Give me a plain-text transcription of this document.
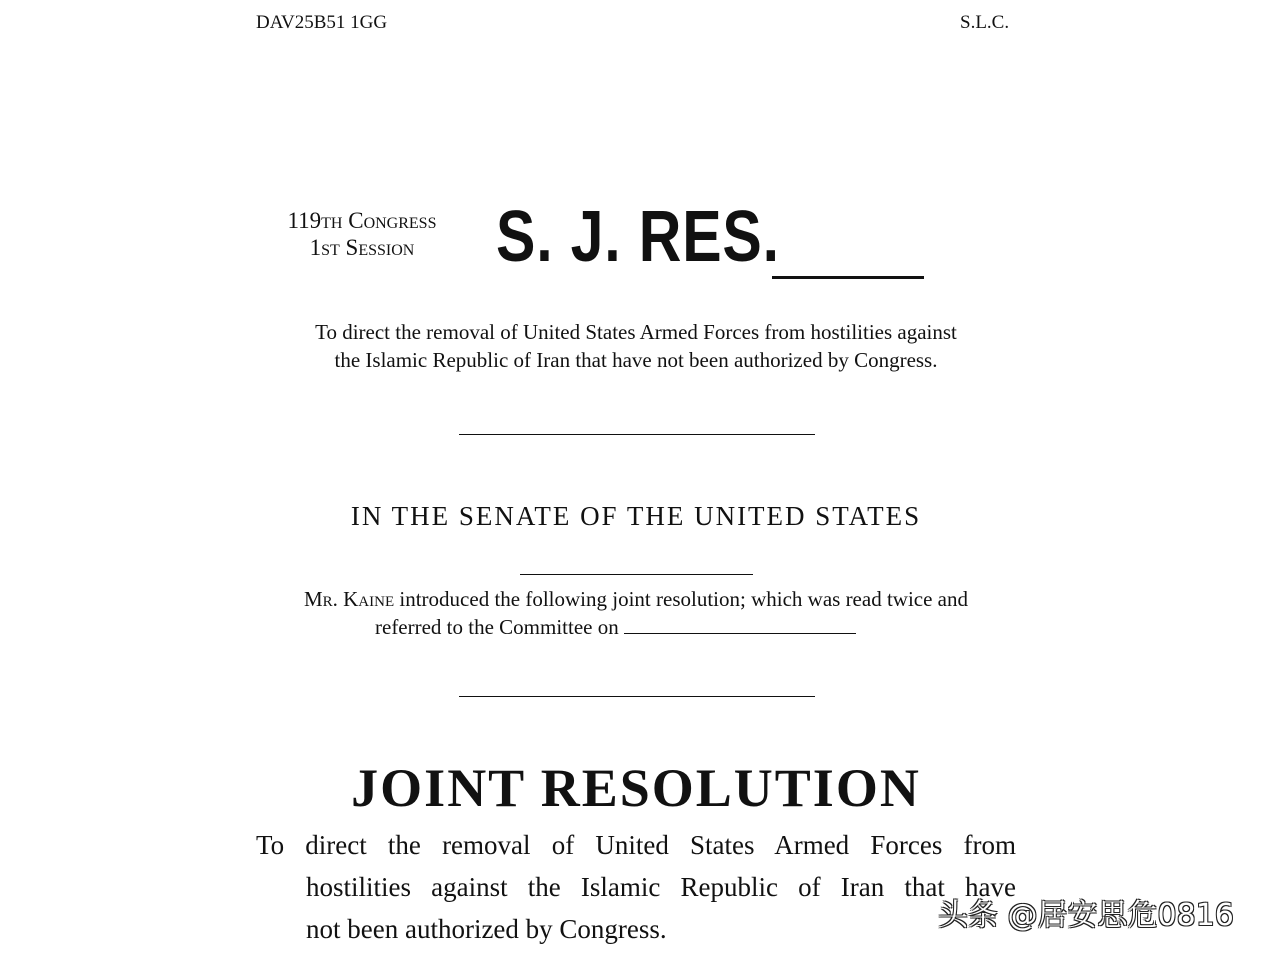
DAV25B51 1GG	S.L.C.
119th Congress
1st Session	S. J. RES.
To direct the removal of United States Armed Forces from hostilities against
the Islamic Republic of Iran that have not been authorized by Congress.
IN THE SENATE OF THE UNITED STATES
Mr. Kaine introduced the following joint resolution; which was read twice and
referred to the Committee on
JOINT RESOLUTION
To direct the removal of United States Armed Forces from
hostilities against the Islamic Republic of Iran that have
not been authorized by Congress.	头条 @居安思危0816
